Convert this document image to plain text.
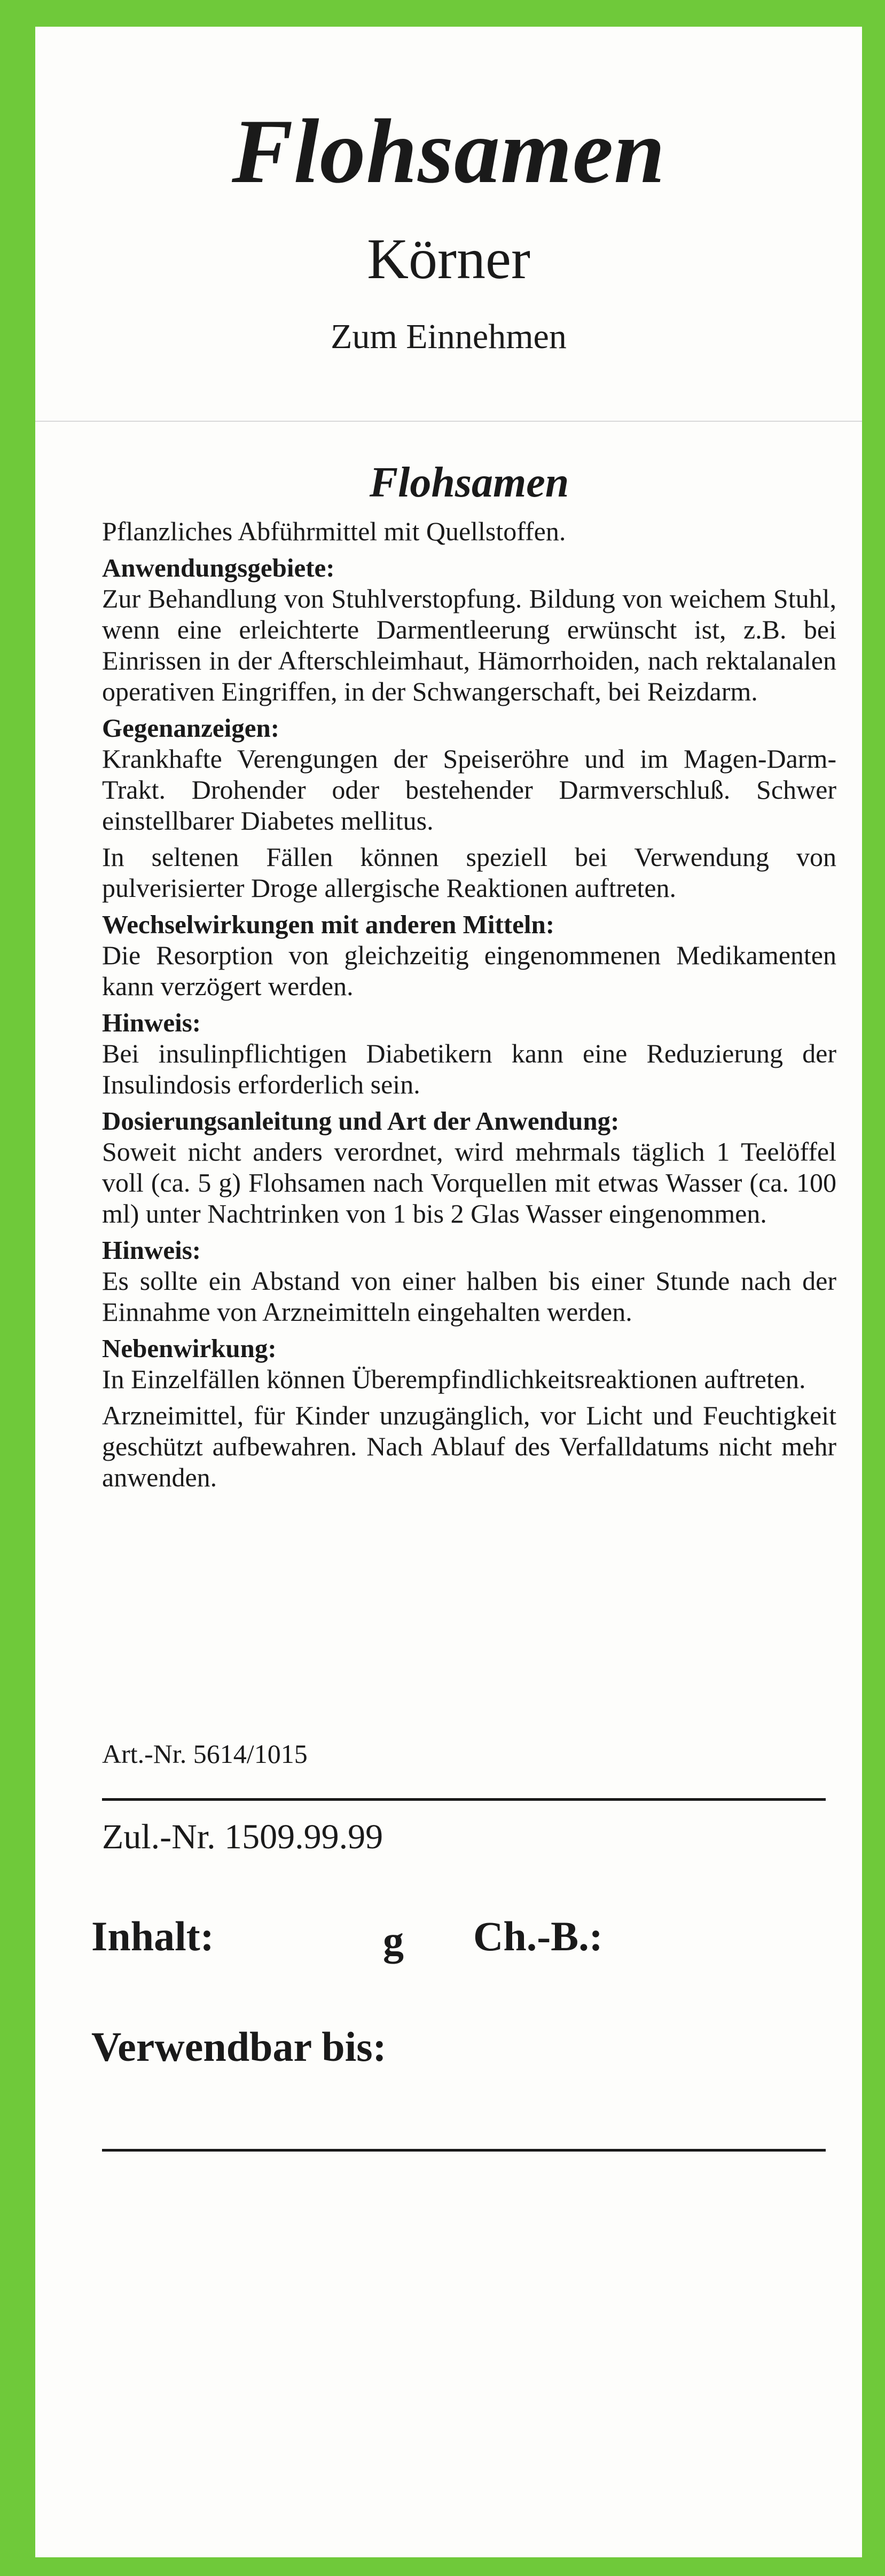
Flohsamen
Körner
Zum Einnehmen
Flohsamen
Pflanzliches Abführmittel mit Quellstoffen.
Anwendungsgebiete:
Zur Behandlung von Stuhlverstopfung. Bildung von weichem Stuhl, wenn eine erleichterte Darmentleerung erwünscht ist, z.B. bei Einrissen in der Afterschleimhaut, Hämorrhoiden, nach rektalanalen operativen Eingriffen, in der Schwangerschaft, bei Reizdarm.
Gegenanzeigen:
Krankhafte Verengungen der Speiseröhre und im Magen-Darm-Trakt. Drohender oder bestehender Darmverschluß. Schwer einstellbarer Diabetes mellitus.
In seltenen Fällen können speziell bei Verwendung von pulverisierter Droge allergische Reaktionen auftreten.
Wechselwirkungen mit anderen Mitteln:
Die Resorption von gleichzeitig eingenommenen Medikamenten kann verzögert werden.
Hinweis:
Bei insulinpflichtigen Diabetikern kann eine Reduzierung der Insulindosis erforderlich sein.
Dosierungsanleitung und Art der Anwendung:
Soweit nicht anders verordnet, wird mehrmals täglich 1 Teelöffel voll (ca. 5 g) Flohsamen nach Vorquellen mit etwas Wasser (ca. 100 ml) unter Nachtrinken von 1 bis 2 Glas Wasser eingenommen.
Hinweis:
Es sollte ein Abstand von einer halben bis einer Stunde nach der Einnahme von Arzneimitteln eingehalten werden.
Nebenwirkung:
In Einzelfällen können Überempfindlichkeitsreaktionen auftreten.
Arzneimittel, für Kinder unzugänglich, vor Licht und Feuchtigkeit geschützt aufbewahren. Nach Ablauf des Verfalldatums nicht mehr anwenden.
Art.-Nr. 5614/1015
Zul.-Nr. 1509.99.99
Inhalt:	g Ch.-B.:
Verwendbar bis:
